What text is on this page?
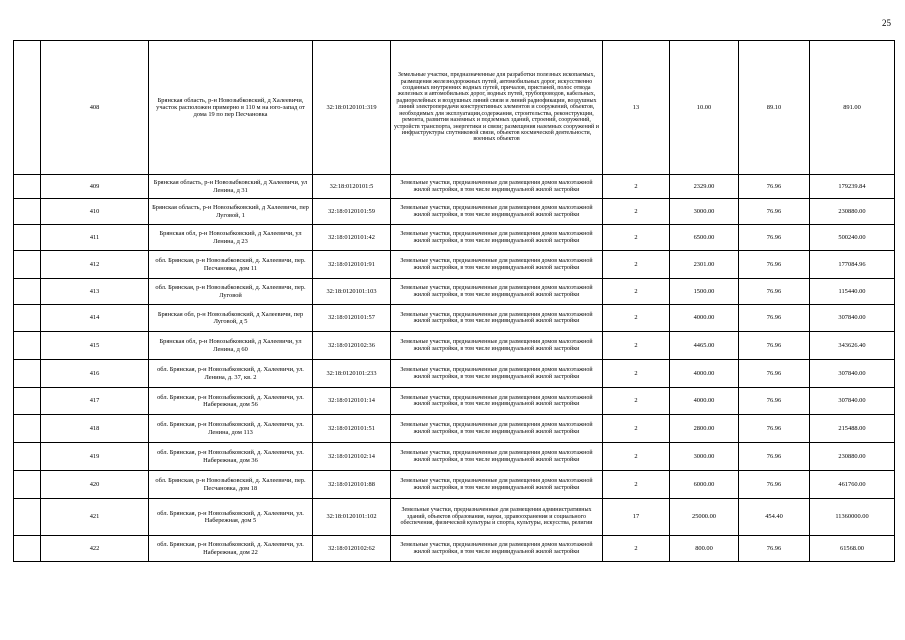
25
	408	Брянская область, р-н Новозыбковский, д Халеевичи, участок расположен примерно в 110 м на юго-запад от дома 19 по пер Песчановка	32:18:0120101:319	Земельные участки, предназначенные для разработки полезных ископаемых, размещения железнодорожных путей, автомобильных дорог, искусственно созданных внутренних водных путей, причалов, пристаней, полос отвода железных и автомобильных дорог, водных путей, трубопроводов, кабельных, радиорелейных и воздушных линий связи и линий радиофикации, воздушных линий электропередачи конструктивных элементов и сооружений, объектов, необходимых для эксплуатации,содержания, строительства, реконструкции, ремонта, развития наземных и подземных зданий, строений, сооружений, устройств транспорта, энергетики и связи; размещения наземных сооружений и инфраструктуры спутниковой связи, объектов космической деятельности, военных объектов	13	10.00	89.10	891.00
	409	Брянская область, р-н Новозыбковский, д Халеевичи, ул Ленина, д 31	32:18:0120101:5	Земельные участки, предназначенные для размещения домов малоэтажной жилой застройки, в том числе индивидуальной жилой застройки	2	2329.00	76.96	179239.84
	410	Брянская область, р-н Новозыбковский, д Халеевичи, пер Луговой, 1	32:18:0120101:59	Земельные участки, предназначенные для размещения домов малоэтажной жилой застройки, в том числе индивидуальной жилой застройки	2	3000.00	76.96	230880.00
	411	Брянская обл, р-н Новозыбковский, д Халеевичи, ул Ленина, д 23	32:18:0120101:42	Земельные участки, предназначенные для размещения домов малоэтажной жилой застройки, в том числе индивидуальной жилой застройки	2	6500.00	76.96	500240.00
	412	обл. Брянская, р-н Новозыбковский, д. Халеевичи, пер. Песчановка, дом 11	32:18:0120101:91	Земельные участки, предназначенные для размещения домов малоэтажной жилой застройки, в том числе индивидуальной жилой застройки	2	2301.00	76.96	177084.96
	413	обл. Брянская, р-н Новозыбковский, д. Халеевичи, пер. Луговой	32:18:0120101:103	Земельные участки, предназначенные для размещения домов малоэтажной жилой застройки, в том числе индивидуальной жилой застройки	2	1500.00	76.96	115440.00
	414	Брянская обл, р-н Новозыбковский, д Халеевичи, пер Луговой, д 5	32:18:0120101:57	Земельные участки, предназначенные для размещения домов малоэтажной жилой застройки, в том числе индивидуальной жилой застройки	2	4000.00	76.96	307840.00
	415	Брянская обл, р-н Новозыбковский, д Халеевичи, ул Ленина, д 60	32:18:0120102:36	Земельные участки, предназначенные для размещения домов малоэтажной жилой застройки, в том числе индивидуальной жилой застройки	2	4465.00	76.96	343626.40
	416	обл. Брянская, р-н Новозыбковский, д. Халеевичи, ул. Ленина, д. 37, кв. 2	32:18:0120101:233	Земельные участки, предназначенные для размещения домов малоэтажной жилой застройки, в том числе индивидуальной жилой застройки	2	4000.00	76.96	307840.00
	417	обл. Брянская, р-н Новозыбковский, д. Халеевичи, ул. Набережная, дом 56	32:18:0120101:14	Земельные участки, предназначенные для размещения домов малоэтажной жилой застройки, в том числе индивидуальной жилой застройки	2	4000.00	76.96	307840.00
	418	обл. Брянская, р-н Новозыбковский, д. Халеевичи, ул. Ленина, дом 113	32:18:0120101:51	Земельные участки, предназначенные для размещения домов малоэтажной жилой застройки, в том числе индивидуальной жилой застройки	2	2800.00	76.96	215488.00
	419	обл. Брянская, р-н Новозыбковский, д. Халеевичи, ул. Набережная, дом 36	32:18:0120102:14	Земельные участки, предназначенные для размещения домов малоэтажной жилой застройки, в том числе индивидуальной жилой застройки	2	3000.00	76.96	230880.00
	420	обл. Брянская, р-н Новозыбковский, д. Халеевичи, пер. Песчановка, дом 18	32:18:0120101:88	Земельные участки, предназначенные для размещения домов малоэтажной жилой застройки, в том числе индивидуальной жилой застройки	2	6000.00	76.96	461760.00
	421	обл. Брянская, р-н Новозыбковский, д. Халеевичи, ул. Набережная, дом 5	32:18:0120101:102	Земельные участки, предназначенные для размещения административных зданий, объектов образования, науки, здравоохранения и социального обеспечения, физической культуры и спорта, культуры, искусства, религии	17	25000.00	454.40	11360000.00
	422	обл. Брянская, р-н Новозыбковский, д. Халеевичи, ул. Набережная, дом 22	32:18:0120102:62	Земельные участки, предназначенные для размещения домов малоэтажной жилой застройки, в том числе индивидуальной жилой застройки	2	800.00	76.96	61568.00
